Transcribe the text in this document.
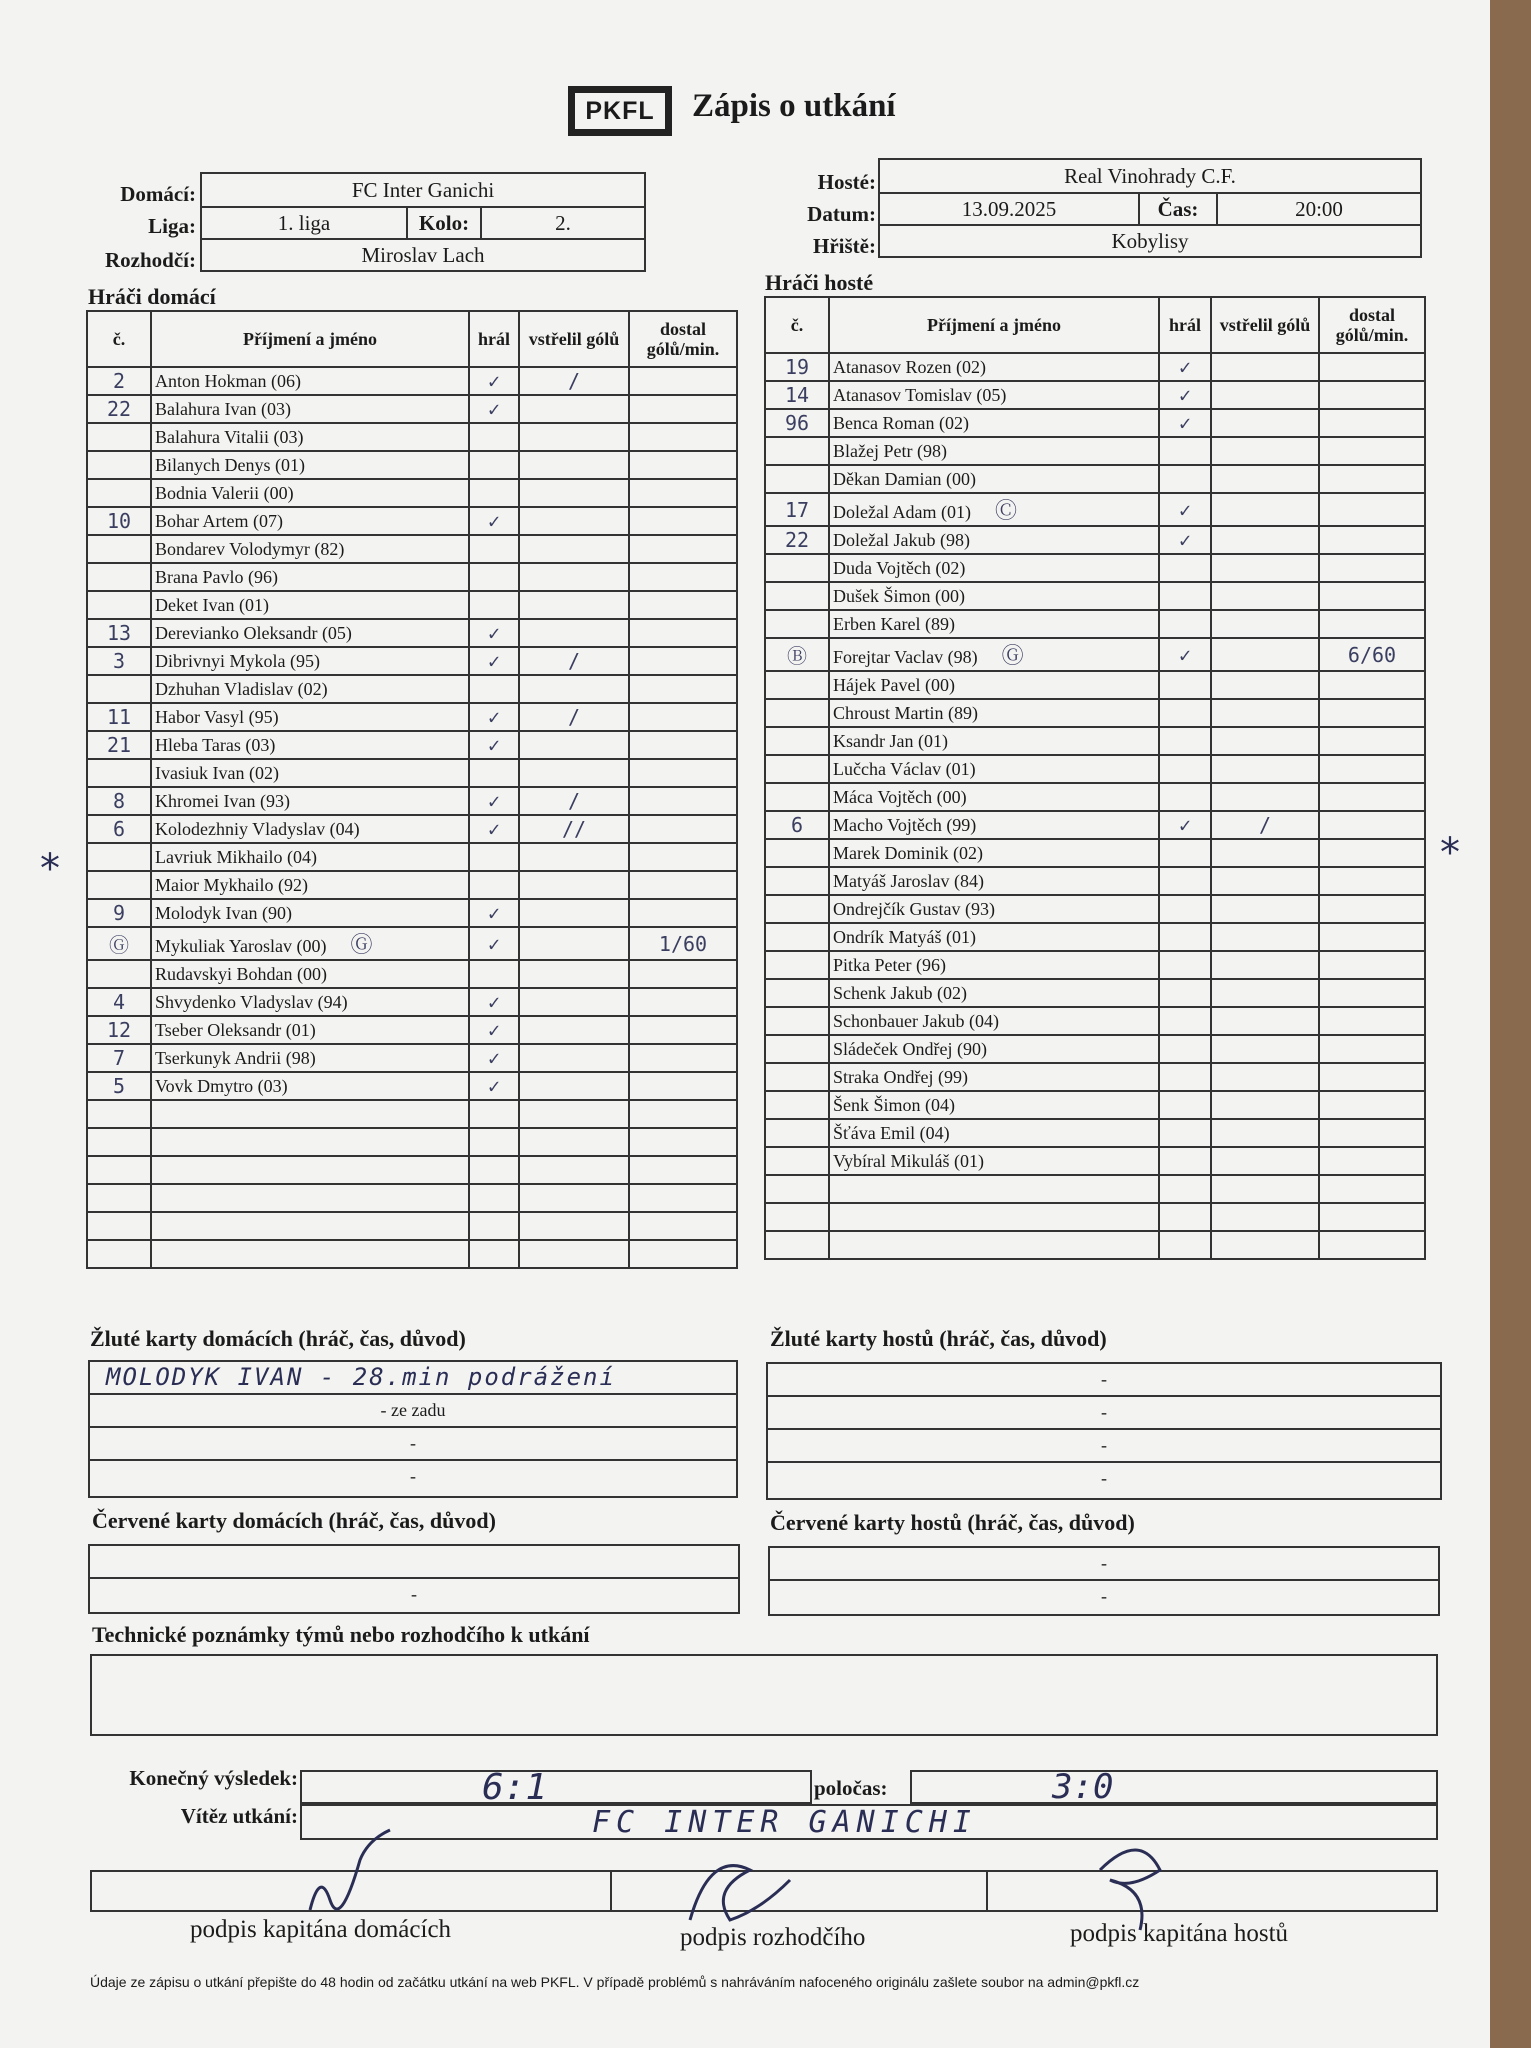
PKFL	Zápis o utkání
Domácí:	FC Inter Ganichi
Liga:	1. liga	Kolo:	2.
Rozhodčí:	Miroslav Lach
Hosté:	Real Vinohrady C.F.
Datum:	13.09.2025	Čas:	20:00
Hřiště:	Kobylisy
Hráči domácí
Hráči hosté
č.	Příjmení a jméno	hrál	vstřelil gólů	dostal gólů/min.
2	Anton Hokman (06)	✓	/	
22	Balahura Ivan (03)	✓		
	Balahura Vitalii (03)			
	Bilanych Denys (01)			
	Bodnia Valerii (00)			
10	Bohar Artem (07)	✓		
	Bondarev Volodymyr (82)			
	Brana Pavlo (96)			
	Deket Ivan (01)			
13	Derevianko Oleksandr (05)	✓		
3	Dibrivnyi Mykola (95)	✓	/	
	Dzhuhan Vladislav (02)			
11	Habor Vasyl (95)	✓	/	
21	Hleba Taras (03)	✓		
	Ivasiuk Ivan (02)			
8	Khromei Ivan (93)	✓	/	
6	Kolodezhniy Vladyslav (04)	✓	//	
	Lavriuk Mikhailo (04)			
	Maior Mykhailo (92)			
9	Molodyk Ivan (90)	✓		
Ⓖ	Mykuliak Yaroslav (00) Ⓖ	✓		1/60
	Rudavskyi Bohdan (00)			
4	Shvydenko Vladyslav (94)	✓		
12	Tseber Oleksandr (01)	✓		
7	Tserkunyk Andrii (98)	✓		
5	Vovk Dmytro (03)	✓		

č.	Příjmení a jméno	hrál	vstřelil gólů	dostal gólů/min.
19	Atanasov Rozen (02)	✓		
14	Atanasov Tomislav (05)	✓		
96	Benca Roman (02)	✓		
	Blažej Petr (98)			
	Děkan Damian (00)			
17	Doležal Adam (01) Ⓒ	✓		
22	Doležal Jakub (98)	✓		
	Duda Vojtěch (02)			
	Dušek Šimon (00)			
	Erben Karel (89)			
Ⓑ	Forejtar Vaclav (98) Ⓖ	✓		6/60
	Hájek Pavel (00)			
	Chroust Martin (89)			
	Ksandr Jan (01)			
	Lučcha Václav (01)			
	Mácа Vojtěch (00)			
6	Macho Vojtěch (99)	✓	/	
	Marek Dominik (02)			
	Matyáš Jaroslav (84)			
	Ondrejčík Gustav (93)			
	Ondrík Matyáš (01)			
	Pitka Peter (96)			
	Schenk Jakub (02)			
	Schonbauer Jakub (04)			
	Sládeček Ondřej (90)			
	Straka Ondřej (99)			
	Šenk Šimon (04)			
	Šťáva Emil (04)			
	Vybíral Mikuláš (01)			

*	*
Žluté karty domácích (hráč, čas, důvod)	Žluté karty hostů (hráč, čas, důvod)
MOLODYK IVAN - 28.min podrážení
- ze zadu
-
-
-
-
-
-
Červené karty domácích (hráč, čas, důvod)	Červené karty hostů (hráč, čas, důvod)
-
-
-
Technické poznámky týmů nebo rozhodčího k utkání
Konečný výsledek:	6:1	poločas:	3:0
Vítěz utkání:	FC INTER GANICHI
podpis kapitána domácích	podpis rozhodčího	podpis kapitána hostů
Údaje ze zápisu o utkání přepište do 48 hodin od začátku utkání na web PKFL. V případě problémů s nahráváním nafoceného originálu zašlete soubor na admin@pkfl.cz
